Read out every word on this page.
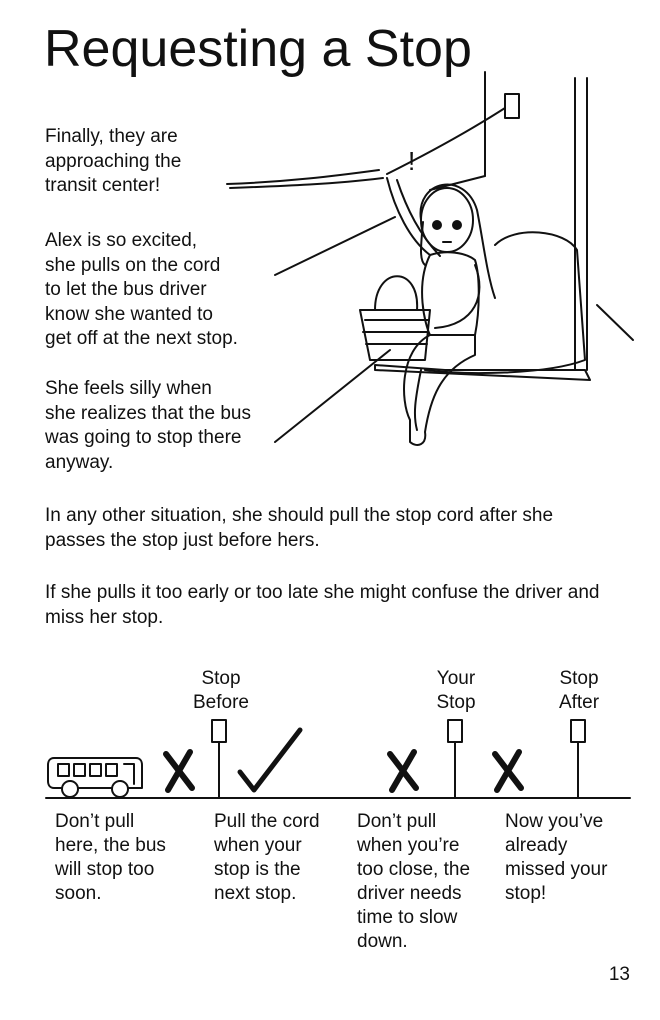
Requesting a Stop
Finally, they are
approaching the
transit center!
Alex is so excited,
she pulls on the cord
to let the bus driver
know she wanted to
get off at the next stop.
She feels silly when
she realizes that the bus
was going to stop there
anyway.
!
In any other situation, she should pull the stop cord after she
passes the stop just before hers.
If she pulls it too early or too late she might confuse the driver and
miss her stop.
Stop
Before
Your
Stop
Stop
After
Don’t pull
here, the bus
will stop too
soon.
Pull the cord
when your
stop is the
next stop.
Don’t pull
when you’re
too close, the
driver needs
time to slow
down.
Now you’ve
already
missed your
stop!
13
